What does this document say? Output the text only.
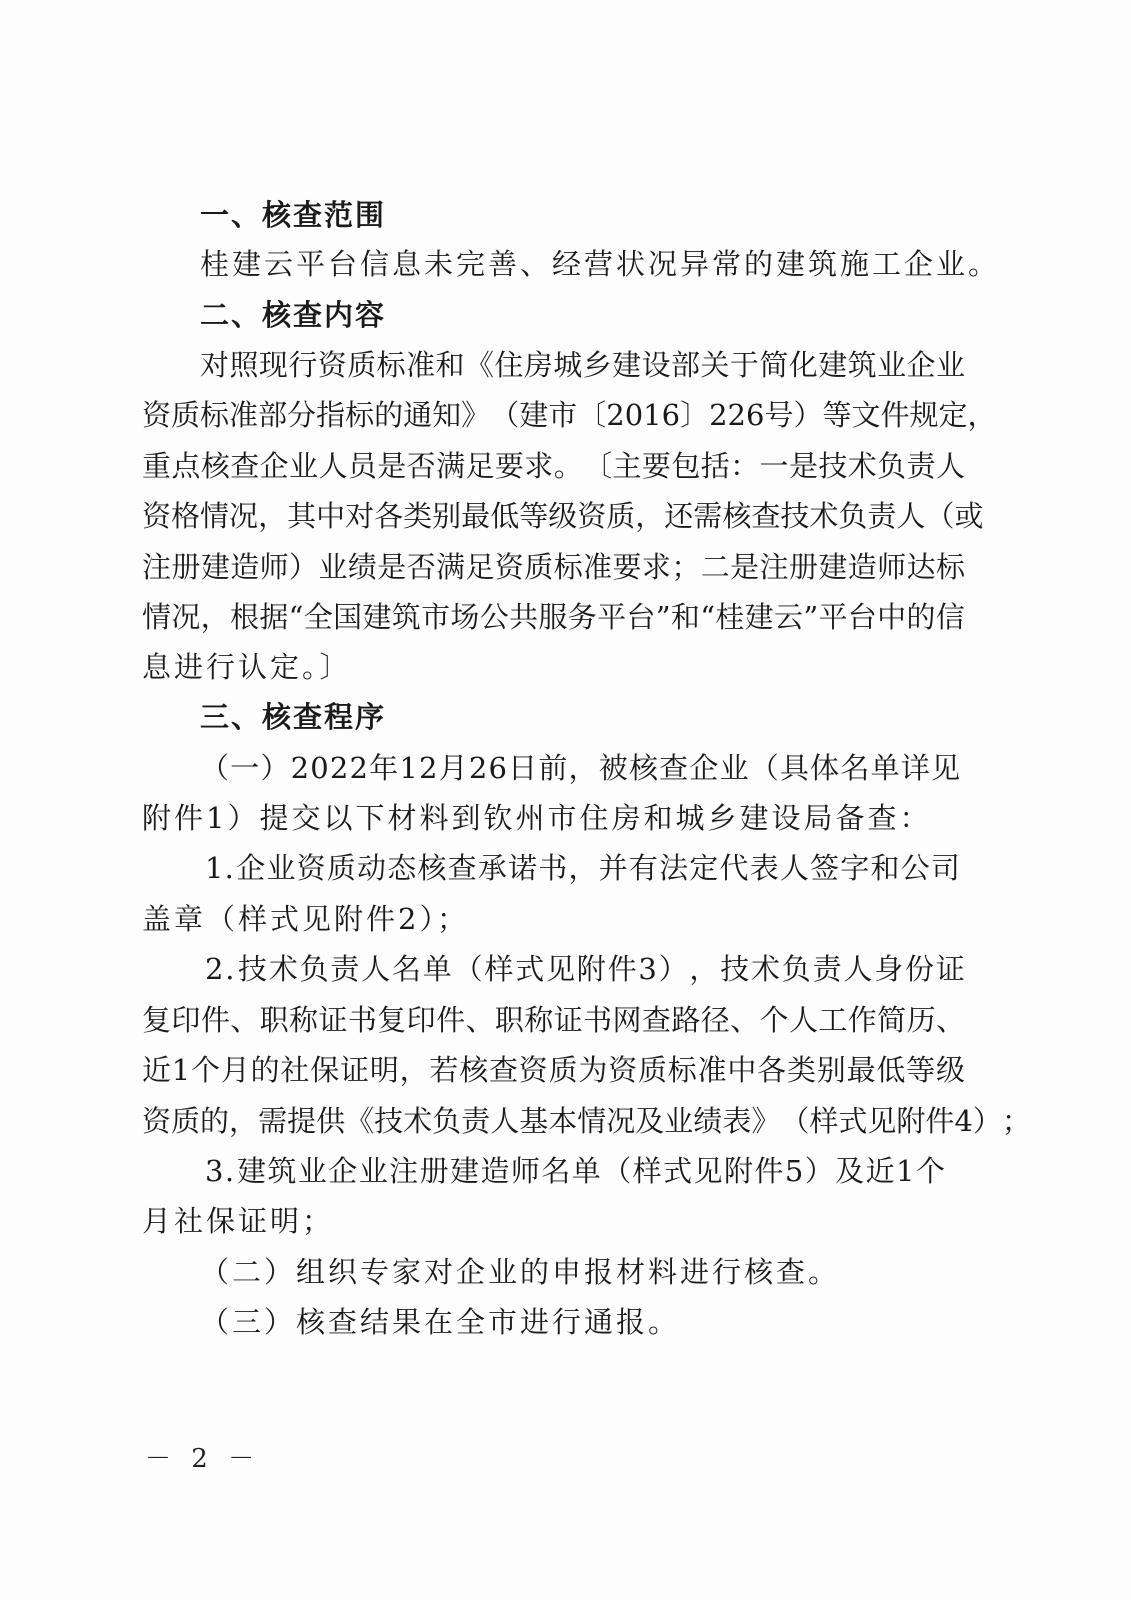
一、核查范围
桂建云平台信息未完善、经营状况异常的建筑施工企业。
二、核查内容
对 照 现 行 资 质 标 准 和 《 住 房 城 乡 建 设 部 关 于 简 化 建 筑 业 企 业
资 质 标 准 部 分 指 标 的 通 知 》 （ 建 市 〔 2 0 1 6 〕 2 2 6 号 ） 等 文 件 规 定 ，
重 点 核 查 企 业 人 员 是 否 满 足 要 求 。 〔 主 要 包 括 ： 一 是 技 术 负 责 人
资 格 情 况 ， 其 中 对 各 类 别 最 低 等 级 资 质 ， 还 需 核 查 技 术 负 责 人 （ 或
注 册 建 造 师 ） 业 绩 是 否 满 足 资 质 标 准 要 求 ； 二 是 注 册 建 造 师 达 标
情 况 ， 根 据 “ 全 国 建 筑 市 场 公 共 服 务 平 台 ” 和 “ 桂 建 云 ” 平 台 中 的 信
息进行认定。〕
三、核查程序
（ 一 ） 2 0 2 2 年 1 2 月 2 6 日 前 ， 被 核 查 企 业 （ 具 体 名 单 详 见
附件1）提交以下材料到钦州市住房和城乡建设局备查：
1 . 企 业 资 质 动 态 核 查 承 诺 书 ， 并 有 法 定 代 表 人 签 字 和 公 司
盖章（样式见附件2）；
2 . 技 术 负 责 人 名 单 （ 样 式 见 附 件 3 ） ， 技 术 负 责 人 身 份 证
复 印 件 、 职 称 证 书 复 印 件 、 职 称 证 书 网 查 路 径 、 个 人 工 作 简 历 、
近 1 个 月 的 社 保 证 明 ， 若 核 查 资 质 为 资 质 标 准 中 各 类 别 最 低 等 级
资 质 的 ， 需 提 供 《 技 术 负 责 人 基 本 情 况 及 业 绩 表 》 （ 样 式 见 附 件 4 ） ；
3 . 建 筑 业 企 业 注 册 建 造 师 名 单 （ 样 式 见 附 件 5 ） 及 近 1 个
月社保证明；
（二）组织专家对企业的申报材料进行核查。
（三）核查结果在全市进行通报。
－ 2 －
